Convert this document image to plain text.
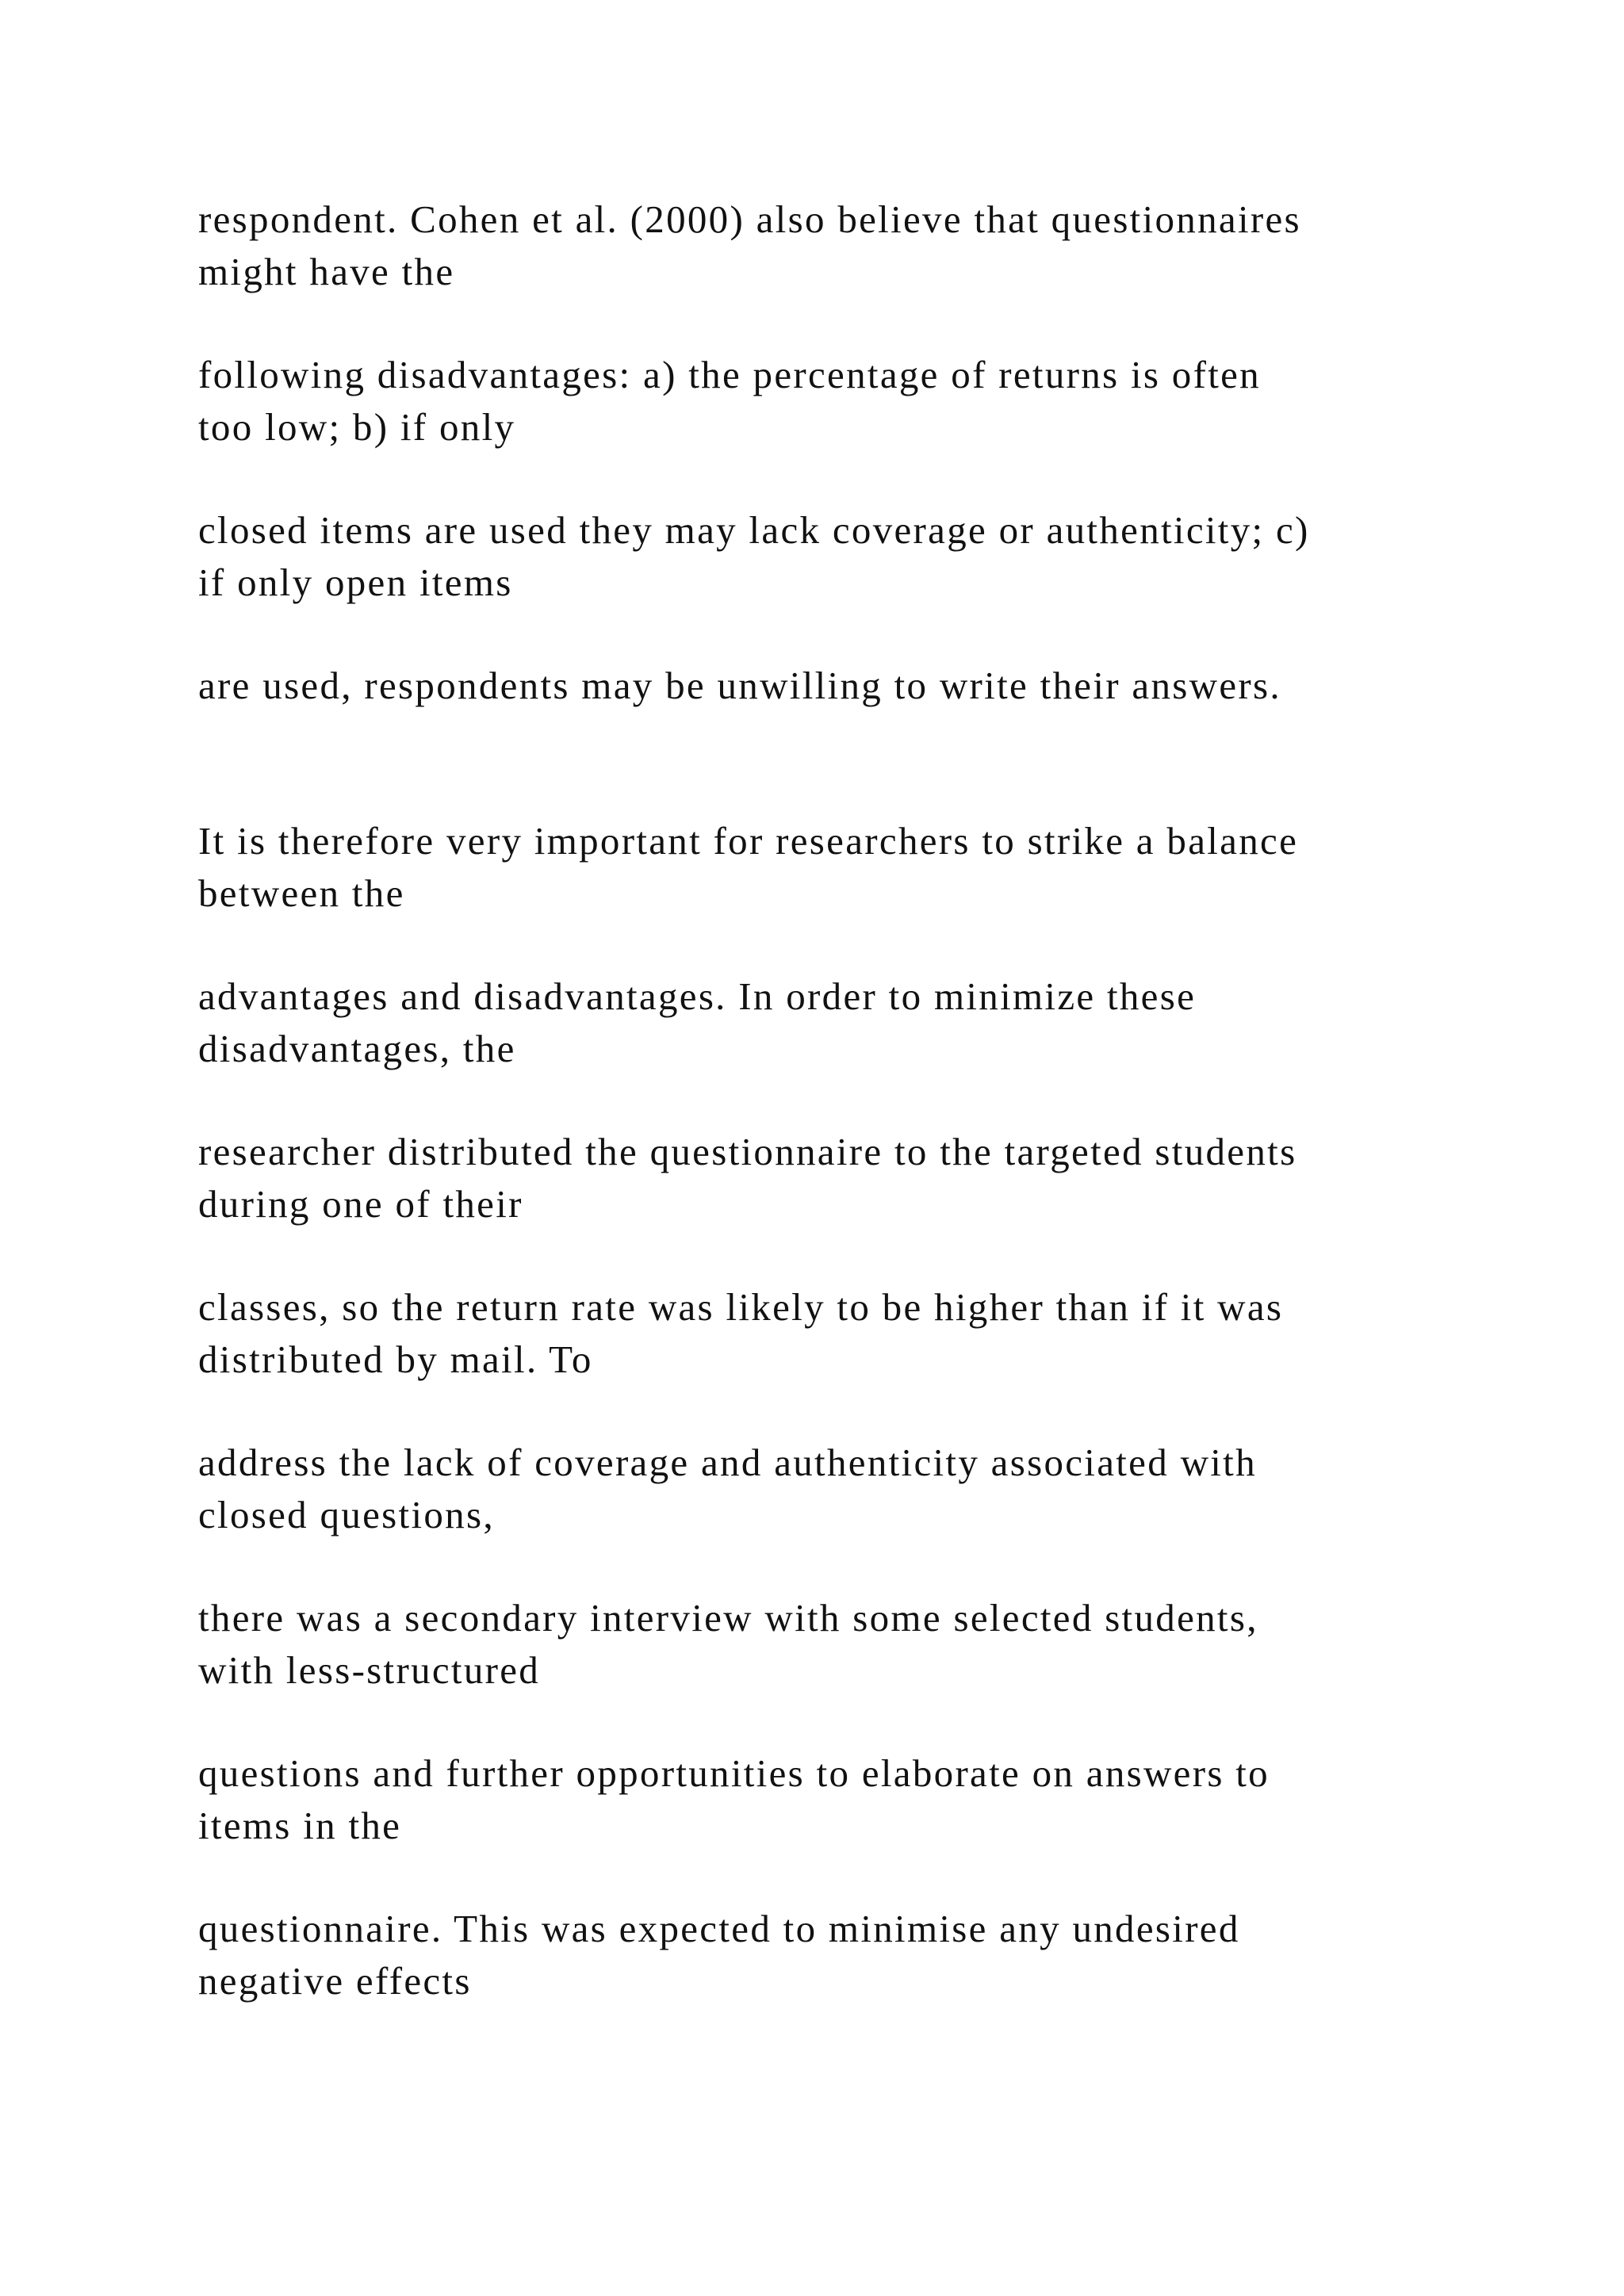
respondent. Cohen et al. (2000) also believe that questionnaires

might have the

following disadvantages: a) the percentage of returns is often

too low; b) if only

closed items are used they may lack coverage or authenticity; c)

if only open items

are used, respondents may be unwilling to write their answers.

It is therefore very important for researchers to strike a balance

between the

advantages and disadvantages. In order to minimize these

disadvantages, the

researcher distributed the questionnaire to the targeted students

during one of their

classes, so the return rate was likely to be higher than if it was

distributed by mail. To

address the lack of coverage and authenticity associated with

closed questions,

there was a secondary interview with some selected students,

with less-structured

questions and further opportunities to elaborate on answers to

items in the

questionnaire. This was expected to minimise any undesired

negative effects
